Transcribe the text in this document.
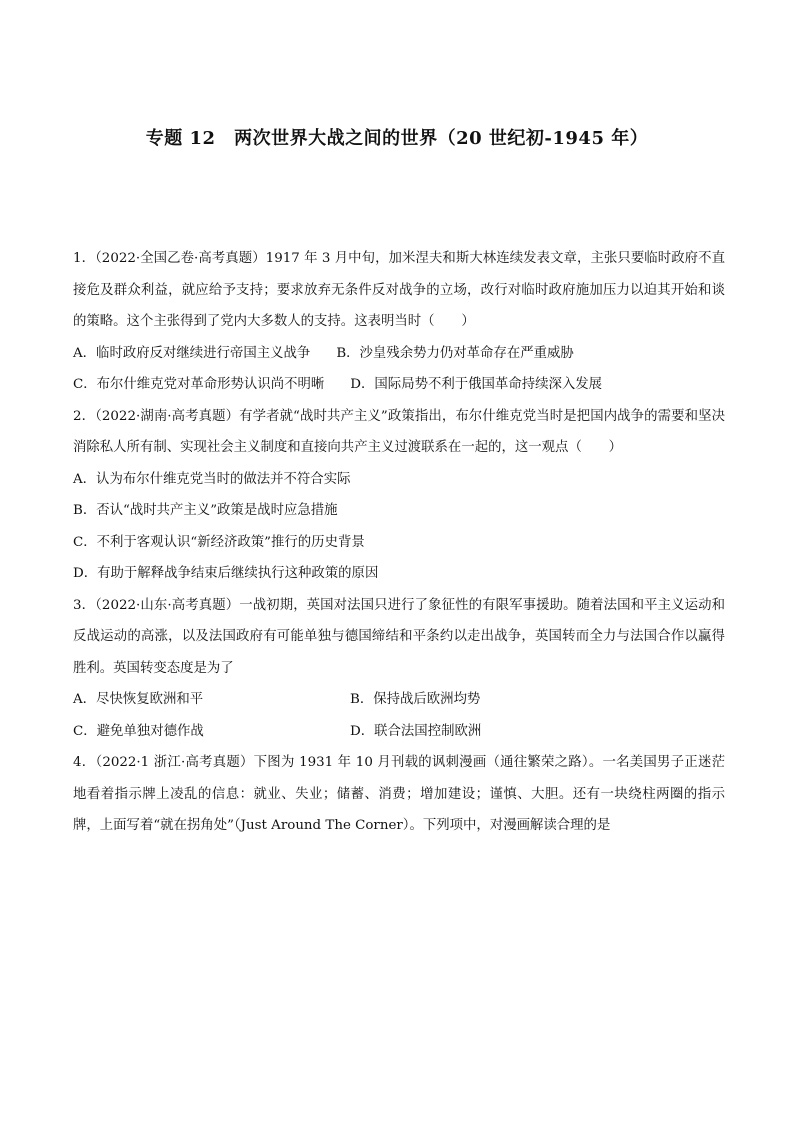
专题 12　两次世界大战之间的世界（20 世纪初-1945 年）

1．（2022·全国乙卷·高考真题）1917 年 3 月中旬，加米涅夫和斯大林连续发表文章，主张只要临时政府不直接危及群众利益，就应给予支持；要求放弃无条件反对战争的立场，改行对临时政府施加压力以迫其开始和谈的策略。这个主张得到了党内大多数人的支持。这表明当时（　　）

A．临时政府反对继续进行帝国主义战争 B．沙皇残余势力仍对革命存在严重威胁

C．布尔什维克党对革命形势认识尚不明晰 D．国际局势不利于俄国革命持续深入发展

2．（2022·湖南·高考真题）有学者就“战时共产主义”政策指出，布尔什维克党当时是把国内战争的需要和坚决消除私人所有制、实现社会主义制度和直接向共产主义过渡联系在一起的，这一观点（　　）

A．认为布尔什维克党当时的做法并不符合实际

B．否认“战时共产主义”政策是战时应急措施

C．不利于客观认识“新经济政策”推行的历史背景

D．有助于解释战争结束后继续执行这种政策的原因

3．（2022·山东·高考真题）一战初期，英国对法国只进行了象征性的有限军事援助。随着法国和平主义运动和反战运动的高涨，以及法国政府有可能单独与德国缔结和平条约以走出战争，英国转而全力与法国合作以赢得胜利。英国转变态度是为了

A．尽快恢复欧洲和平	B．保持战后欧洲均势

C．避免单独对德作战	D．联合法国控制欧洲

4．（2022·1 浙江·高考真题）下图为 1931 年 10 月刊载的讽刺漫画（通往繁荣之路）。一名美国男子正迷茫地看着指示牌上凌乱的信息：就业、失业；储蓄、消费；增加建设；谨慎、大胆。还有一块绕柱两圈的指示牌，上面写着“就在拐角处”（Just Around The Corner）。下列项中，对漫画解读合理的是
